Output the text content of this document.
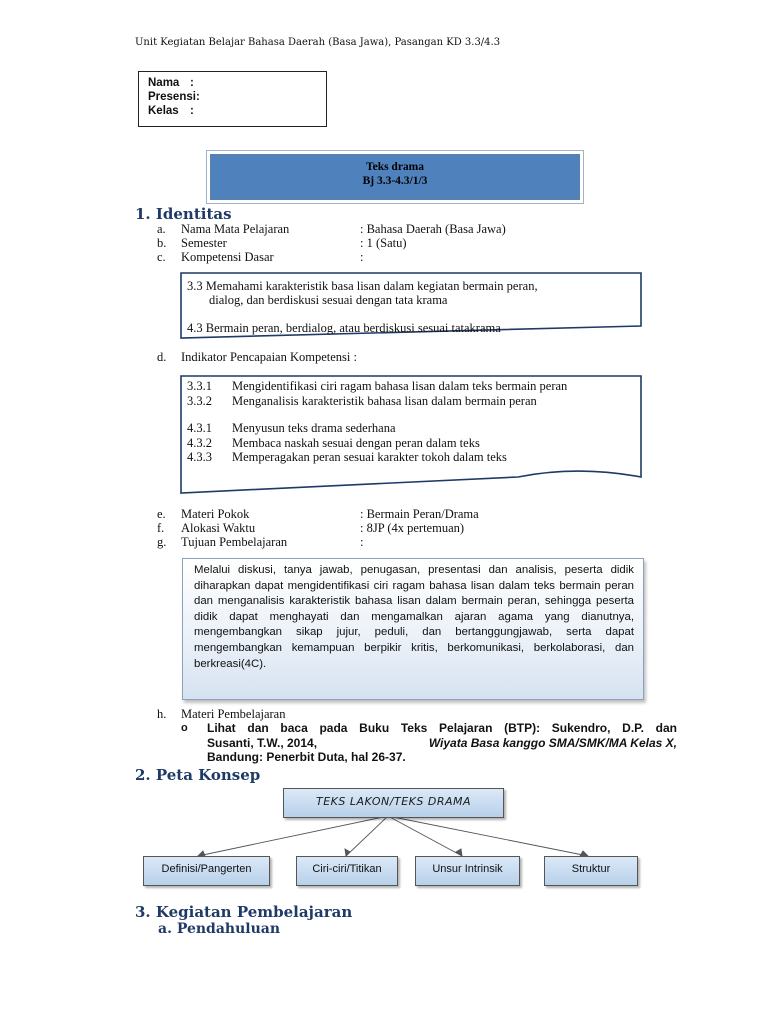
Unit Kegiatan Belajar Bahasa Daerah (Basa Jawa), Pasangan KD 3.3/4.3
Nama :
Presensi:
Kelas :
Teks drama
Bj 3.3-4.3/1/3
1. Identitas
a. Nama Mata Pelajaran	: Bahasa Daerah (Basa Jawa)
b. Semester	: 1 (Satu)
c. Kompetensi Dasar	:
3.3 Memahami karakteristik basa lisan dalam kegiatan bermain peran,
dialog, dan berdiskusi sesuai dengan tata krama
4.3 Bermain peran, berdialog, atau berdiskusi sesuai tatakrama
d. Indikator Pencapaian Kompetensi :
3.3.1 Mengidentifikasi ciri ragam bahasa lisan dalam teks bermain peran
3.3.2 Menganalisis karakteristik bahasa lisan dalam bermain peran
4.3.1 Menyusun teks drama sederhana
4.3.2 Membaca naskah sesuai dengan peran dalam teks
4.3.3 Memperagakan peran sesuai karakter tokoh dalam teks
e. Materi Pokok	: Bermain Peran/Drama
f. Alokasi Waktu	: 8JP (4x pertemuan)
g. Tujuan Pembelajaran	:
Melalui diskusi, tanya jawab, penugasan, presentasi dan analisis, peserta didik diharapkan dapat mengidentifikasi ciri ragam bahasa lisan dalam teks bermain peran dan menganalisis karakteristik bahasa lisan dalam bermain peran, sehingga peserta didik dapat menghayati dan mengamalkan ajaran agama yang dianutnya, mengembangkan sikap jujur, peduli, dan bertanggungjawab, serta dapat mengembangkan kemampuan berpikir kritis, berkomunikasi, berkolaborasi, dan berkreasi(4C).
h. Materi Pembelajaran
o Lihat dan baca pada Buku Teks Pelajaran (BTP): Sukendro, D.P. dan
Susanti, T.W., 2014,	Wiyata Basa kanggo SMA/SMK/MA Kelas X,
Bandung: Penerbit Duta, hal 26-37.
2. Peta Konsep
TEKS LAKON/TEKS DRAMA
Definisi/Pangerten	Ciri-ciri/Titikan	Unsur Intrinsik	Struktur
3. Kegiatan Pembelajaran
a. Pendahuluan
